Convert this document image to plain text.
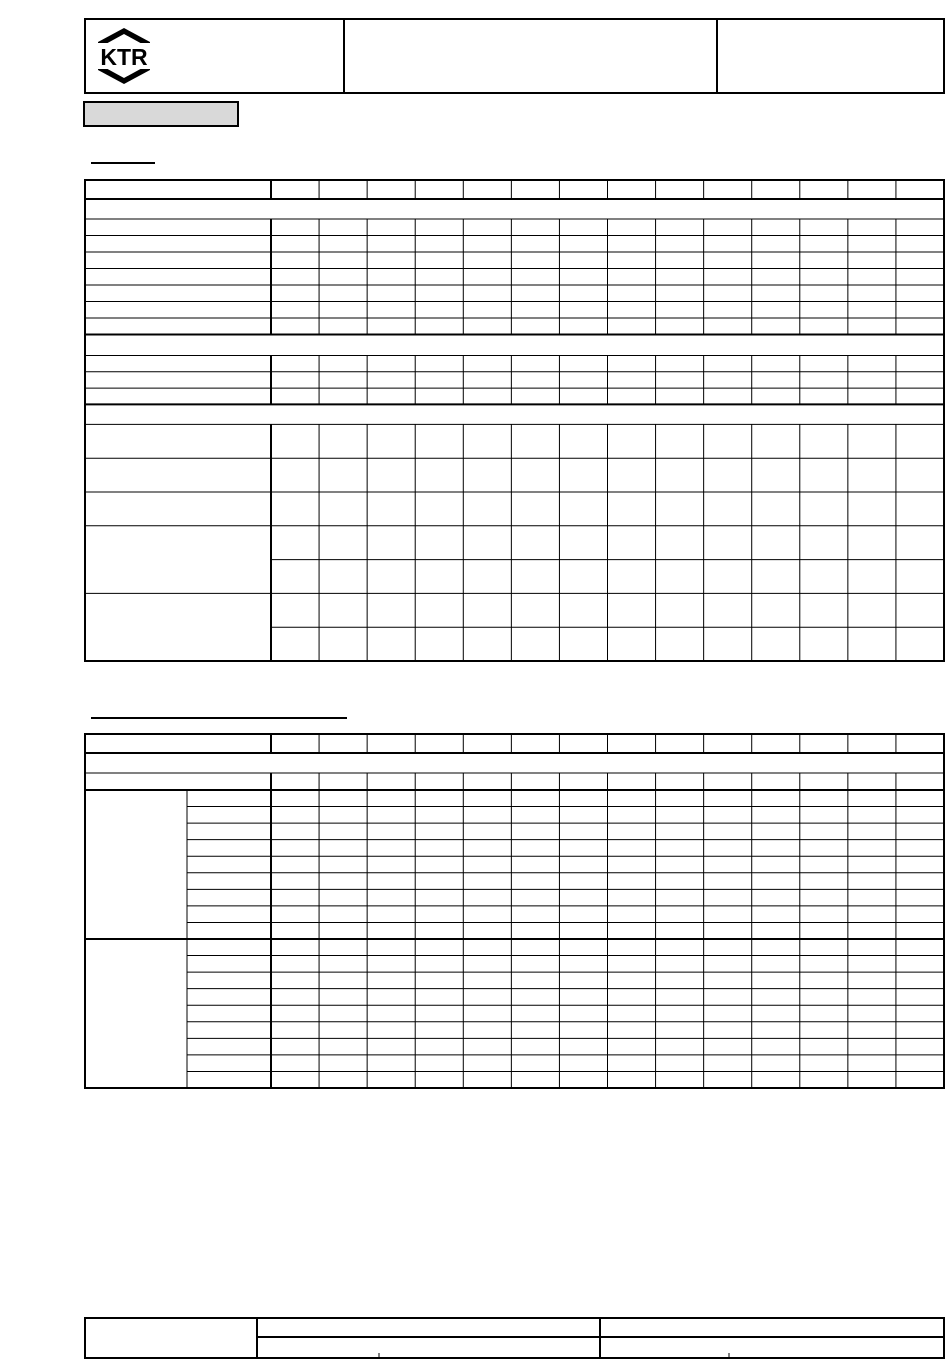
KTR
